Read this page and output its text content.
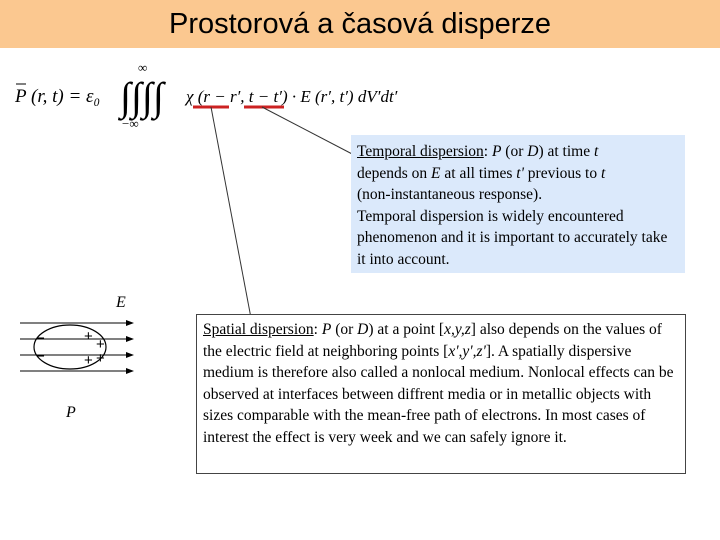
Prostorová a časová disperze
P (r, t) = ε₀ ∫∫∫∫
∞
−∞
χ (r − r′, t − t′) · E (r′, t′) dV′dt′

Temporal dispersion: P (or D) at time t
depends on E at all times t' previous to t
(non-instantaneous response).
Temporal dispersion is widely encountered phenomenon and it is important to accurately take it into account.

Spatial dispersion: P (or D) at a point [x,y,z] also depends on the values of the electric field at neighboring points [x',y',z']. A spatially dispersive medium is therefore also called a nonlocal medium. Nonlocal effects can be observed at interfaces between diffrent media or in metallic objects with sizes comparable with the mean-free path of electrons. In most cases of interest the effect is very week and we can safely ignore it.

E
−
−
+ +
+ +
P
